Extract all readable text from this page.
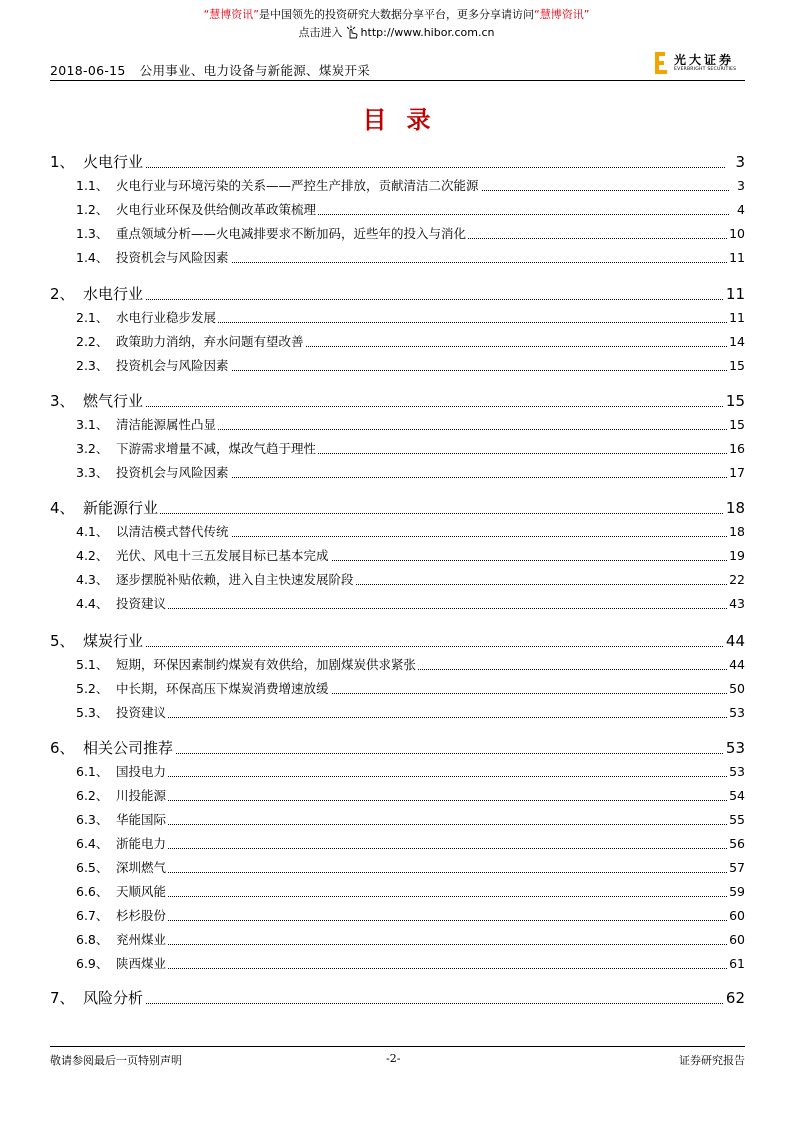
“慧博资讯”是中国领先的投资研究大数据分享平台，更多分享请访问“慧博资讯”
点击进入 http://www.hibor.com.cn
2018-06-15 公用事业、电力设备与新能源、煤炭开采
光大证券
EVERBRIGHT SECURITIES
目录
1、 火电行业	3
1.1、 火电行业与环境污染的关系——严控生产排放，贡献清洁二次能源	3
1.2、 火电行业环保及供给侧改革政策梳理	4
1.3、 重点领域分析——火电减排要求不断加码，近些年的投入与消化	10
1.4、 投资机会与风险因素	11
2、 水电行业	11
2.1、 水电行业稳步发展	11
2.2、 政策助力消纳，弃水问题有望改善	14
2.3、 投资机会与风险因素	15
3、 燃气行业	15
3.1、 清洁能源属性凸显	15
3.2、 下游需求增量不减，煤改气趋于理性	16
3.3、 投资机会与风险因素	17
4、 新能源行业	18
4.1、 以清洁模式替代传统	18
4.2、 光伏、风电十三五发展目标已基本完成	19
4.3、 逐步摆脱补贴依赖，进入自主快速发展阶段	22
4.4、 投资建议	43
5、 煤炭行业	44
5.1、 短期，环保因素制约煤炭有效供给，加剧煤炭供求紧张	44
5.2、 中长期，环保高压下煤炭消费增速放缓	50
5.3、 投资建议	53
6、 相关公司推荐	53
6.1、 国投电力	53
6.2、 川投能源	54
6.3、 华能国际	55
6.4、 浙能电力	56
6.5、 深圳燃气	57
6.6、 天顺风能	59
6.7、 杉杉股份	60
6.8、 兖州煤业	60
6.9、 陕西煤业	61
7、 风险分析	62
敬请参阅最后一页特别声明	-2-	证券研究报告
